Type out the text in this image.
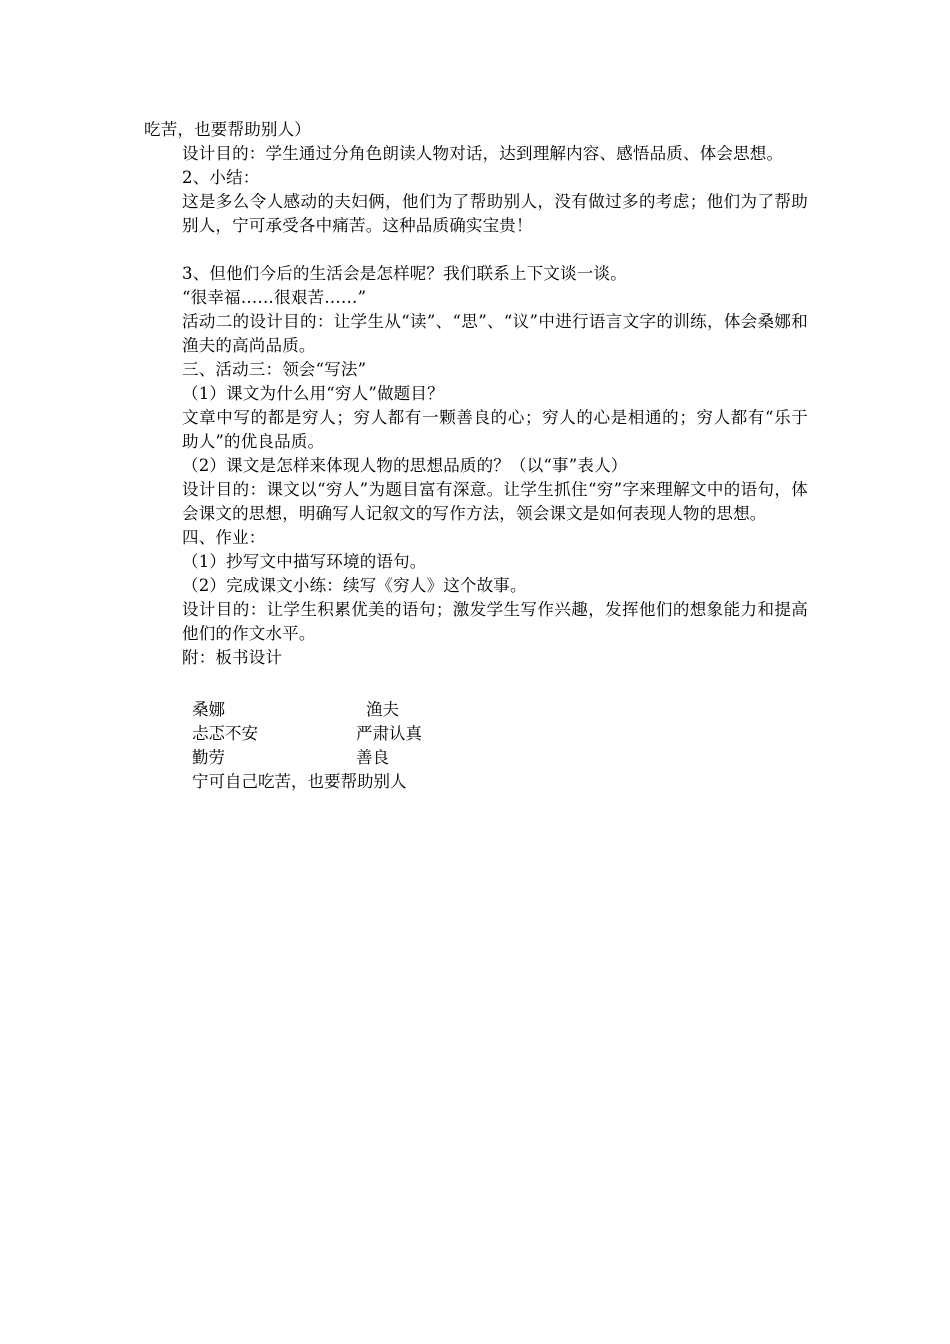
吃苦，也要帮助别人）

设计目的：学生通过分角色朗读人物对话，达到理解内容、感悟品质、体会思想。

2、小结：

这是多么令人感动的夫妇俩，他们为了帮助别人，没有做过多的考虑；他们为了帮助别人，宁可承受各中痛苦。这种品质确实宝贵！

3、但他们今后的生活会是怎样呢？我们联系上下文谈一谈。

“很幸福……很艰苦……”

活动二的设计目的：让学生从“读”、“思”、“议”中进行语言文字的训练，体会桑娜和渔夫的高尚品质。

三、活动三：领会“写法”

（1）课文为什么用“穷人”做题目？

文章中写的都是穷人；穷人都有一颗善良的心；穷人的心是相通的；穷人都有“乐于助人”的优良品质。

（2）课文是怎样来体现人物的思想品质的？（以“事”表人）

设计目的：课文以“穷人”为题目富有深意。让学生抓住“穷”字来理解文中的语句，体会课文的思想，明确写人记叙文的写作方法，领会课文是如何表现人物的思想。

四、作业：

（1）抄写文中描写环境的语句。

（2）完成课文小练：续写《穷人》这个故事。

设计目的：让学生积累优美的语句；激发学生写作兴趣，发挥他们的想象能力和提高他们的作文水平。

附：板书设计

桑娜	渔夫
忐忑不安	严肃认真
勤劳	善良
宁可自己吃苦，也要帮助别人
